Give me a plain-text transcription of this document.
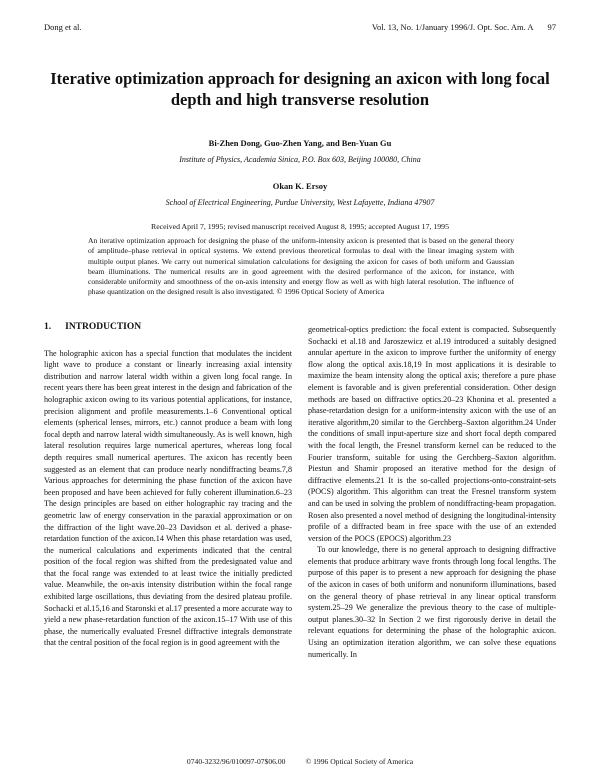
Dong et al.	Vol. 13, No. 1/January 1996/J. Opt. Soc. Am. A 97
Iterative optimization approach for designing an axicon with long focal depth and high transverse resolution
Bi-Zhen Dong, Guo-Zhen Yang, and Ben-Yuan Gu
Institute of Physics, Academia Sinica, P.O. Box 603, Beijing 100080, China
Okan K. Ersoy
School of Electrical Engineering, Purdue University, West Lafayette, Indiana 47907
Received April 7, 1995; revised manuscript received August 8, 1995; accepted August 17, 1995
An iterative optimization approach for designing the phase of the uniform-intensity axicon is presented that is based on the general theory of amplitude–phase retrieval in optical systems. We extend previous theoretical formulas to deal with the linear imaging system with multiple output planes. We carry out numerical simulation calculations for designing the axicon for cases of both uniform and Gaussian beam illuminations. The numerical results are in good agreement with the desired performance of the axicon, for instance, with considerable uniformity and smoothness of the on-axis intensity and energy flow as well as with high lateral resolution. The influence of phase quantization on the designed result is also investigated. © 1996 Optical Society of America
1. INTRODUCTION

The holographic axicon has a special function that modulates the incident light wave to produce a constant or linearly increasing axial intensity distribution and narrow lateral width within a given long focal range. In recent years there has been great interest in the design and fabrication of the holographic axicon owing to its various potential applications, for instance, precision alignment and profile measurements.1–6 Conventional optical elements (spherical lenses, mirrors, etc.) cannot produce a beam with long focal depth and narrow lateral width simultaneously. As is well known, high lateral resolution requires large numerical apertures, whereas long focal depth requires small numerical apertures. The axicon has recently been suggested as an element that can produce nearly nondiffracting beams.7,8 Various approaches for determining the phase function of the axicon have been proposed and have been achieved for fully coherent illumination.6–23 The design principles are based on either holographic ray tracing and the geometric law of energy conservation in the paraxial approximation or on the diffraction of the light wave.20–23 Davidson et al. derived a phase-retardation function of the axicon.14 When this phase retardation was used, the numerical calculations and experiments indicated that the central position of the focal region was shifted from the predesignated value and that the focal range was extended to at least twice the initially predicted value. Meanwhile, the on-axis intensity distribution within the focal range exhibited large oscillations, thus deviating from the desired plateau profile. Sochacki et al.15,16 and Staronski et al.17 presented a more accurate way to yield a new phase-retardation function of the axicon.15–17 With use of this phase, the numerically evaluated Fresnel diffractive integrals demonstrate that the central position of the focal region is in good agreement with the

geometrical-optics prediction: the focal extent is compacted. Subsequently Sochacki et al.18 and Jaroszewicz et al.19 introduced a suitably designed annular aperture in the axicon to improve further the uniformity of energy flow along the optical axis.18,19 In most applications it is desirable to maximize the beam intensity along the optical axis; therefore a pure phase element is favorable and is given preferential consideration. Other design methods are based on diffractive optics.20–23 Khonina et al. presented a phase-retardation design for a uniform-intensity axicon with the use of an iterative algorithm,20 similar to the Gerchberg–Saxton algorithm.24 Under the conditions of small input-aperture size and short focal depth compared with the focal length, the Fresnel transform kernel can be reduced to the Fourier transform, suitable for using the Gerchberg–Saxton algorithm. Piestun and Shamir proposed an iterative method for the design of diffractive elements.21 It is the so-called projections-onto-constraint-sets (POCS) algorithm. This algorithm can treat the Fresnel transform system and can be used in solving the problem of nondiffracting-beam propagation. Rosen also presented a novel method of designing the longitudinal-intensity profile of a diffracted beam in free space with the use of an extended version of the POCS (EPOCS) algorithm.23

To our knowledge, there is no general approach to designing diffractive elements that produce arbitrary wave fronts through long focal lengths. The purpose of this paper is to present a new approach for designing the phase of the axicon in cases of both uniform and nonuniform illuminations, based on the general theory of phase retrieval in any linear optical transform system.25–29 We generalize the previous theory to the case of multiple-output planes.30–32 In Section 2 we first rigorously derive in detail the relevant equations for determining the phase of the holographic axicon. Using an optimization iteration algorithm, we can solve these equations numerically. In

0740-3232/96/010097-07$06.00	© 1996 Optical Society of America
